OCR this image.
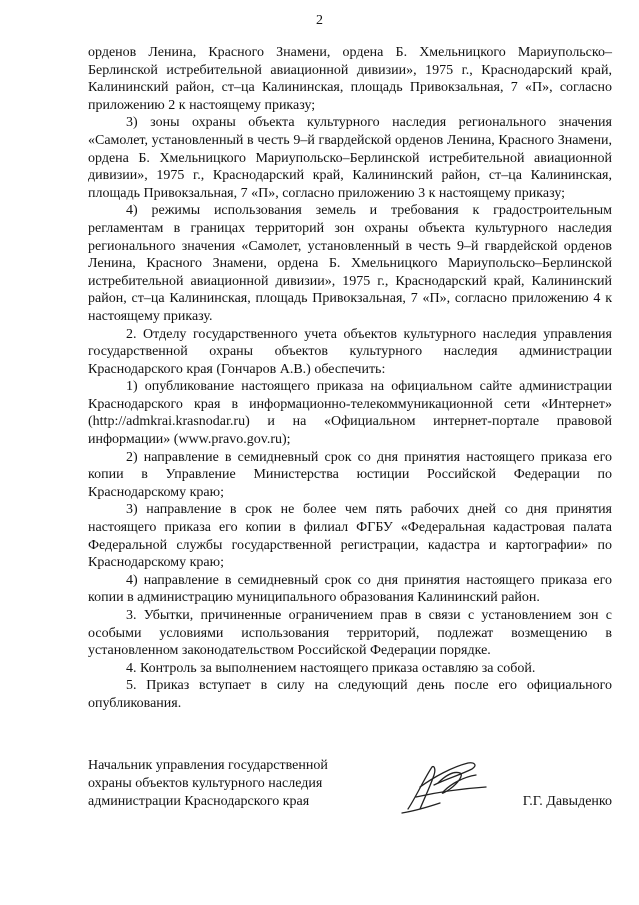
2

орденов Ленина, Красного Знамени, ордена Б. Хмельницкого Мариупольско–Берлинской истребительной авиационной дивизии», 1975 г., Краснодарский край, Калининский район, ст–ца Калининская, площадь Привокзальная, 7 «П», согласно приложению 2 к настоящему приказу;

3) зоны охраны объекта культурного наследия регионального значения «Самолет, установленный в честь 9–й гвардейской орденов Ленина, Красного Знамени, ордена Б. Хмельницкого Мариупольско–Берлинской истребительной авиационной дивизии», 1975 г., Краснодарский край, Калининский район, ст–ца Калининская, площадь Привокзальная, 7 «П», согласно приложению 3 к настоящему приказу;

4) режимы использования земель и требования к градостроительным регламентам в границах территорий зон охраны объекта культурного наследия регионального значения «Самолет, установленный в честь 9–й гвардейской орденов Ленина, Красного Знамени, ордена Б. Хмельницкого Мариупольско–Берлинской истребительной авиационной дивизии», 1975 г., Краснодарский край, Калининский район, ст–ца Калининская, площадь Привокзальная, 7 «П», согласно приложению 4 к настоящему приказу.

2. Отделу государственного учета объектов культурного наследия управления государственной охраны объектов культурного наследия администрации Краснодарского края (Гончаров А.В.) обеспечить:

1) опубликование настоящего приказа на официальном сайте администрации Краснодарского края в информационно-телекоммуникационной сети «Интернет» (http://admkrai.krasnodar.ru) и на «Официальном интернет-портале правовой информации» (www.pravo.gov.ru);

2) направление в семидневный срок со дня принятия настоящего приказа его копии в Управление Министерства юстиции Российской Федерации по Краснодарскому краю;

3) направление в срок не более чем пять рабочих дней со дня принятия настоящего приказа его копии в филиал ФГБУ «Федеральная кадастровая палата Федеральной службы государственной регистрации, кадастра и картографии» по Краснодарскому краю;

4) направление в семидневный срок со дня принятия настоящего приказа его копии в администрацию муниципального образования Калининский район.

3. Убытки, причиненные ограничением прав в связи с установлением зон с особыми условиями использования территорий, подлежат возмещению в установленном законодательством Российской Федерации порядке.

4. Контроль за выполнением настоящего приказа оставляю за собой.

5. Приказ вступает в силу на следующий день после его официального опубликования.

Начальник управления государственной
охраны объектов культурного наследия
администрации Краснодарского края	Г.Г. Давыденко
